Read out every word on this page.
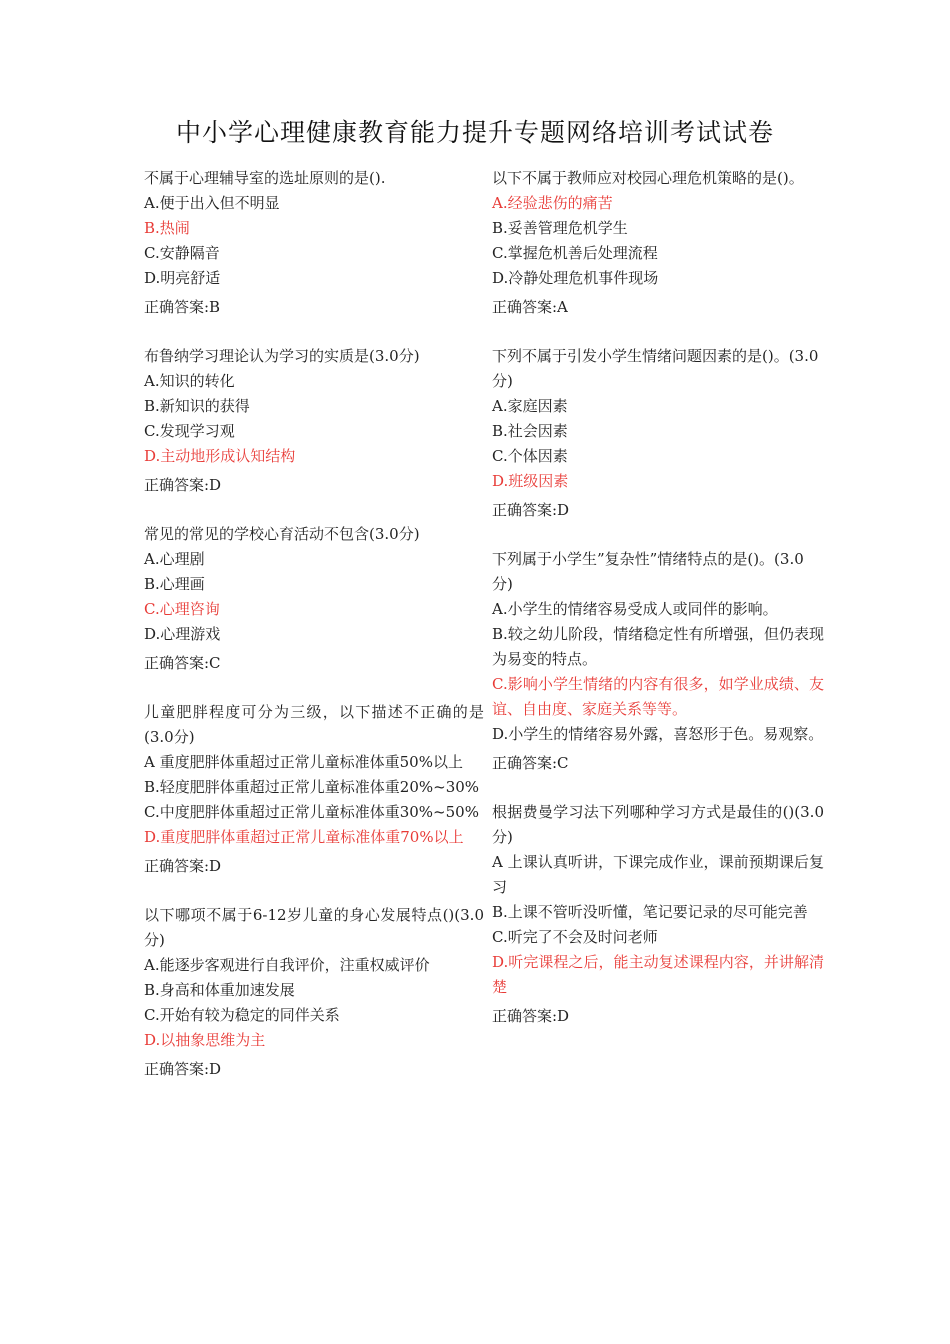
中小学心理健康教育能力提升专题网络培训考试试卷

不属于心理辅导室的选址原则的是().

A.便于出入但不明显

B.热闹

C.安静隔音

D.明亮舒适

正确答案:B

布鲁纳学习理论认为学习的实质是(3.0分)

A.知识的转化

B.新知识的获得

C.发现学习观

D.主动地形成认知结构

正确答案:D

常见的常见的学校心育活动不包含(3.0分)

A.心理剧

B.心理画

C.心理咨询

D.心理游戏

正确答案:C

儿童肥胖程度可分为三级，以下描述不正确的是(3.0分)

A 重度肥胖体重超过正常儿童标准体重50%以上

B.轻度肥胖体重超过正常儿童标准体重20%~30%

C.中度肥胖体重超过正常儿童标准体重30%~50%

D.重度肥胖体重超过正常儿童标准体重70%以上

正确答案:D

以下哪项不属于6-12岁儿童的身心发展特点()(3.0分)

A.能逐步客观进行自我评价，注重权威评价

B.身高和体重加速发展

C.开始有较为稳定的同伴关系

D.以抽象思维为主

正确答案:D

以下不属于教师应对校园心理危机策略的是()。

A.经验悲伤的痛苦

B.妥善管理危机学生

C.掌握危机善后处理流程

D.冷静处理危机事件现场

正确答案:A

下列不属于引发小学生情绪问题因素的是()。(3.0分)

A.家庭因素

B.社会因素

C.个体因素

D.班级因素

正确答案:D

下列属于小学生”复杂性”情绪特点的是()。(3.0分)

A.小学生的情绪容易受成人或同伴的影响。

B.较之幼儿阶段，情绪稳定性有所增强，但仍表现为易变的特点。

C.影响小学生情绪的内容有很多，如学业成绩、友谊、自由度、家庭关系等等。

D.小学生的情绪容易外露，喜怒形于色。易观察。

正确答案:C

根据费曼学习法下列哪种学习方式是最佳的()(3.0分)

A 上课认真听讲，下课完成作业，课前预期课后复习

B.上课不管听没听懂，笔记要记录的尽可能完善

C.听完了不会及时问老师

D.听完课程之后，能主动复述课程内容，并讲解清楚

正确答案:D
